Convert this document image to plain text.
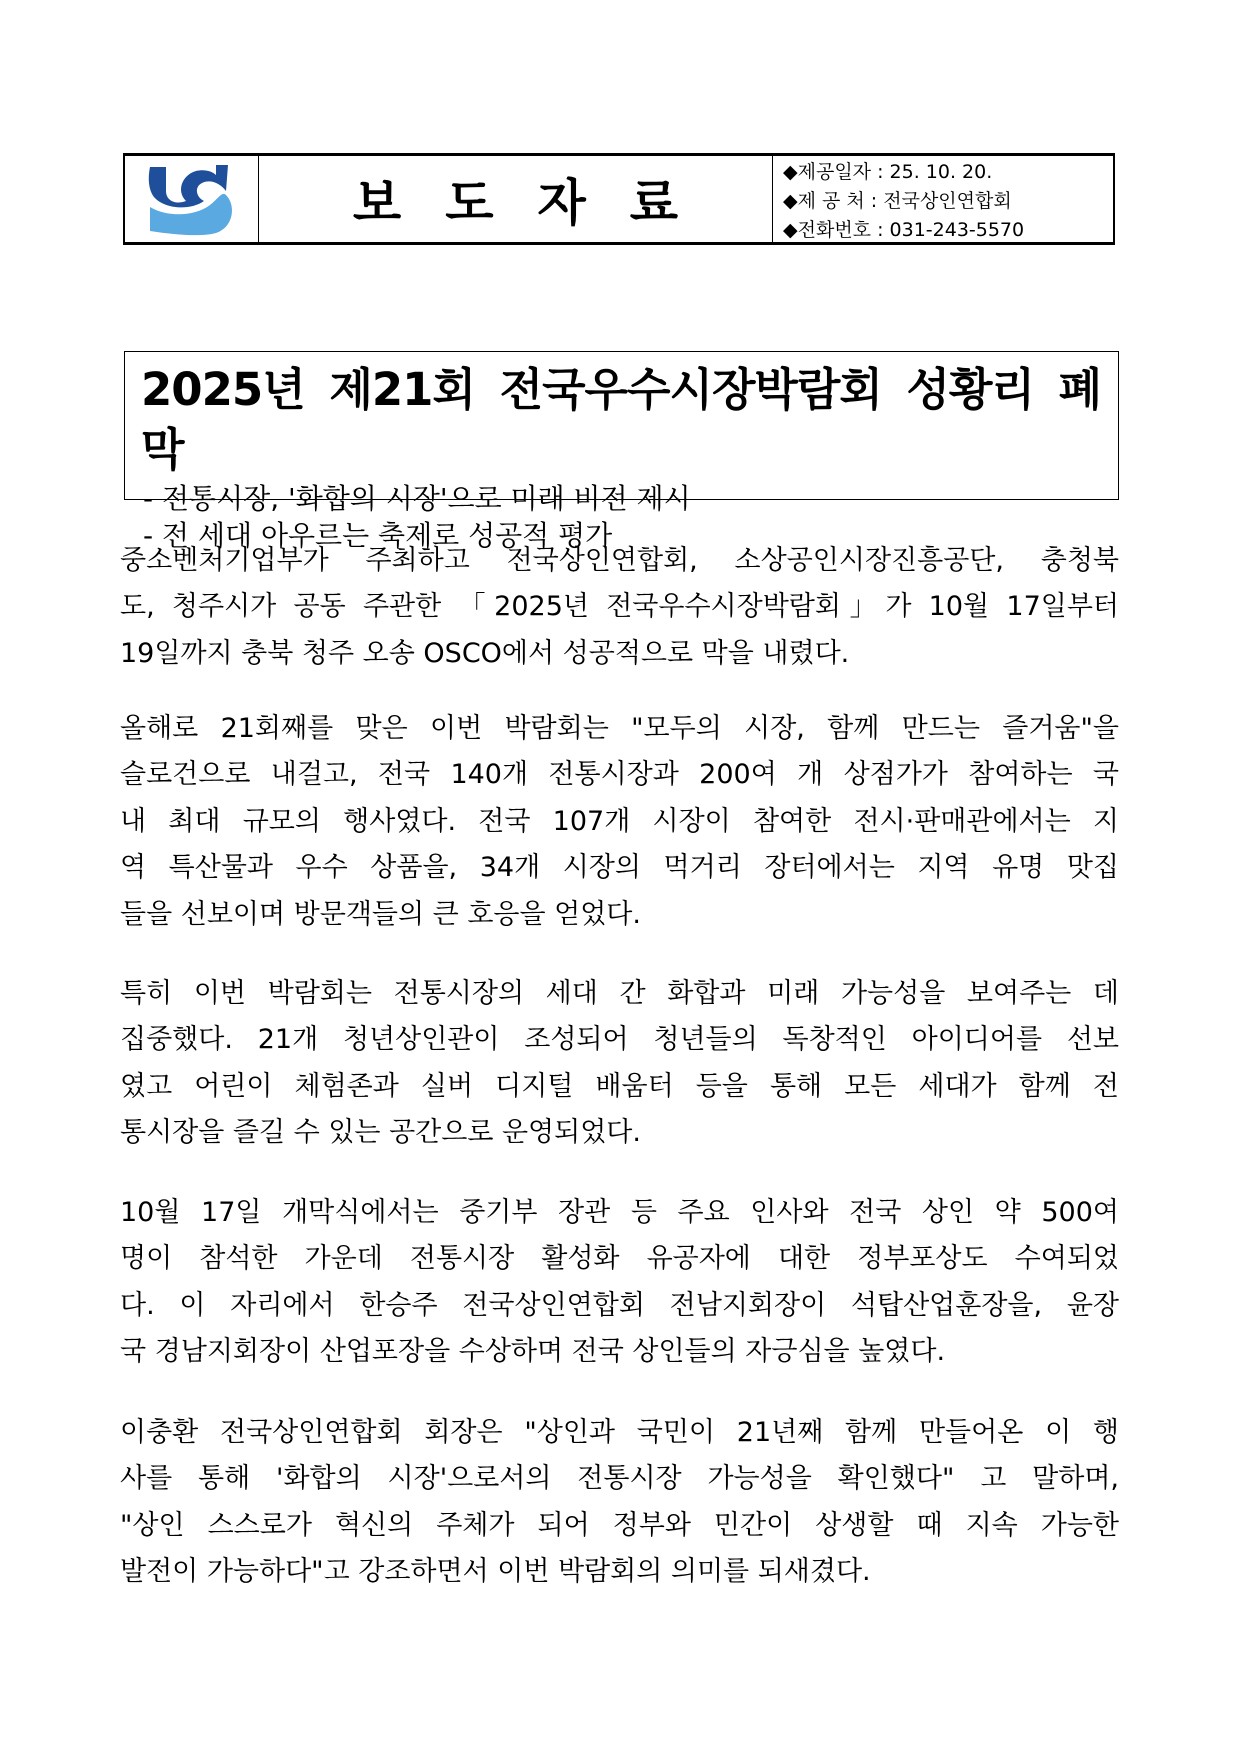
보도자료
◆제공일자 : 25. 10. 20.
◆제 공 처 : 전국상인연합회
◆전화번호 : 031-243-5570
2025년 제21회 전국우수시장박람회 성황리 폐막
- 전통시장, '화합의 시장'으로 미래 비전 제시
- 전 세대 아우르는 축제로 성공적 평가
중소벤처기업부가 주최하고 전국상인연합회, 소상공인시장진흥공단, 충청북
도, 청주시가 공동 주관한 「2025년 전국우수시장박람회」가 10월 17일부터
19일까지 충북 청주 오송 OSCO에서 성공적으로 막을 내렸다.
올해로 21회째를 맞은 이번 박람회는 "모두의 시장, 함께 만드는 즐거움"을
슬로건으로 내걸고, 전국 140개 전통시장과 200여 개 상점가가 참여하는 국
내 최대 규모의 행사였다. 전국 107개 시장이 참여한 전시·판매관에서는 지
역 특산물과 우수 상품을, 34개 시장의 먹거리 장터에서는 지역 유명 맛집
들을 선보이며 방문객들의 큰 호응을 얻었다.
특히 이번 박람회는 전통시장의 세대 간 화합과 미래 가능성을 보여주는 데
집중했다. 21개 청년상인관이 조성되어 청년들의 독창적인 아이디어를 선보
였고 어린이 체험존과 실버 디지털 배움터 등을 통해 모든 세대가 함께 전
통시장을 즐길 수 있는 공간으로 운영되었다.
10월 17일 개막식에서는 중기부 장관 등 주요 인사와 전국 상인 약 500여
명이 참석한 가운데 전통시장 활성화 유공자에 대한 정부포상도 수여되었
다. 이 자리에서 한승주 전국상인연합회 전남지회장이 석탑산업훈장을, 윤장
국 경남지회장이 산업포장을 수상하며 전국 상인들의 자긍심을 높였다.
이충환 전국상인연합회 회장은 "상인과 국민이 21년째 함께 만들어온 이 행
사를 통해 '화합의 시장'으로서의 전통시장 가능성을 확인했다" 고 말하며,
"상인 스스로가 혁신의 주체가 되어 정부와 민간이 상생할 때 지속 가능한
발전이 가능하다"고 강조하면서 이번 박람회의 의미를 되새겼다.
